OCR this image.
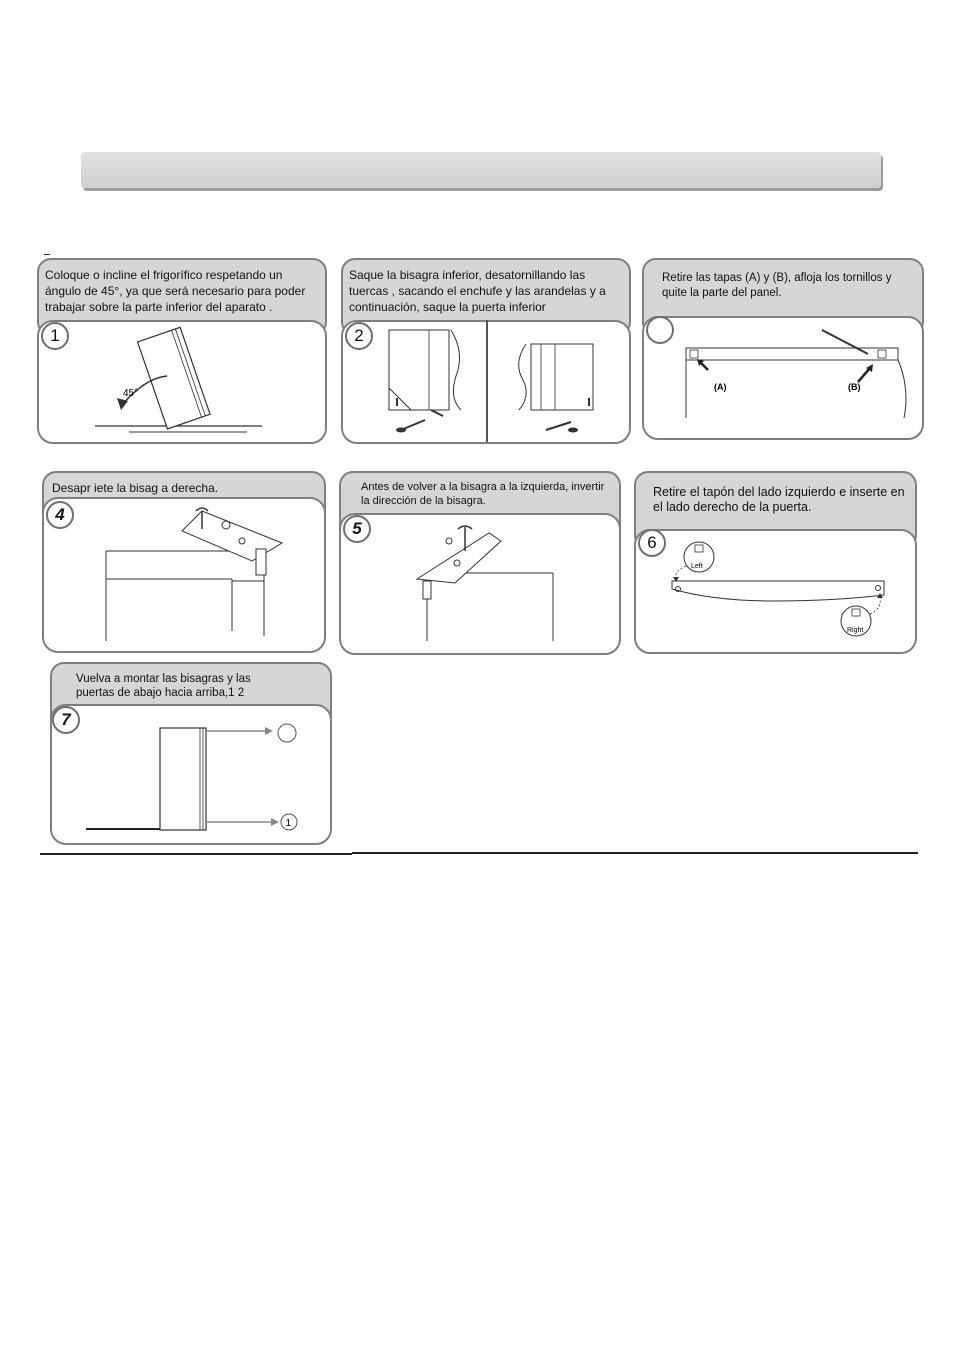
Coloque o incline el frigorífico respetando un ángulo de 45°, ya que será necesario para poder trabajar sobre la parte inferior del aparato .

1
45°

Saque la bisagra inferior, desatornillando las tuercas , sacando el enchufe y las arandelas y a continuación, saque la puerta inferior

2

Retire las tapas (A) y (B), afloja los tornillos y quite la parte del panel.

(A)	(B)

Desapr iete la bisag a derecha.

4

Antes de volver a la bisagra a la izquierda, invertir la dirección de la bisagra.

5

Retire el tapón del lado izquierdo e inserte en el lado derecho de la puerta.

6
Left
Right

Vuelva a montar las bisagras y las puertas de abajo hacia arriba,1 2

7
1
